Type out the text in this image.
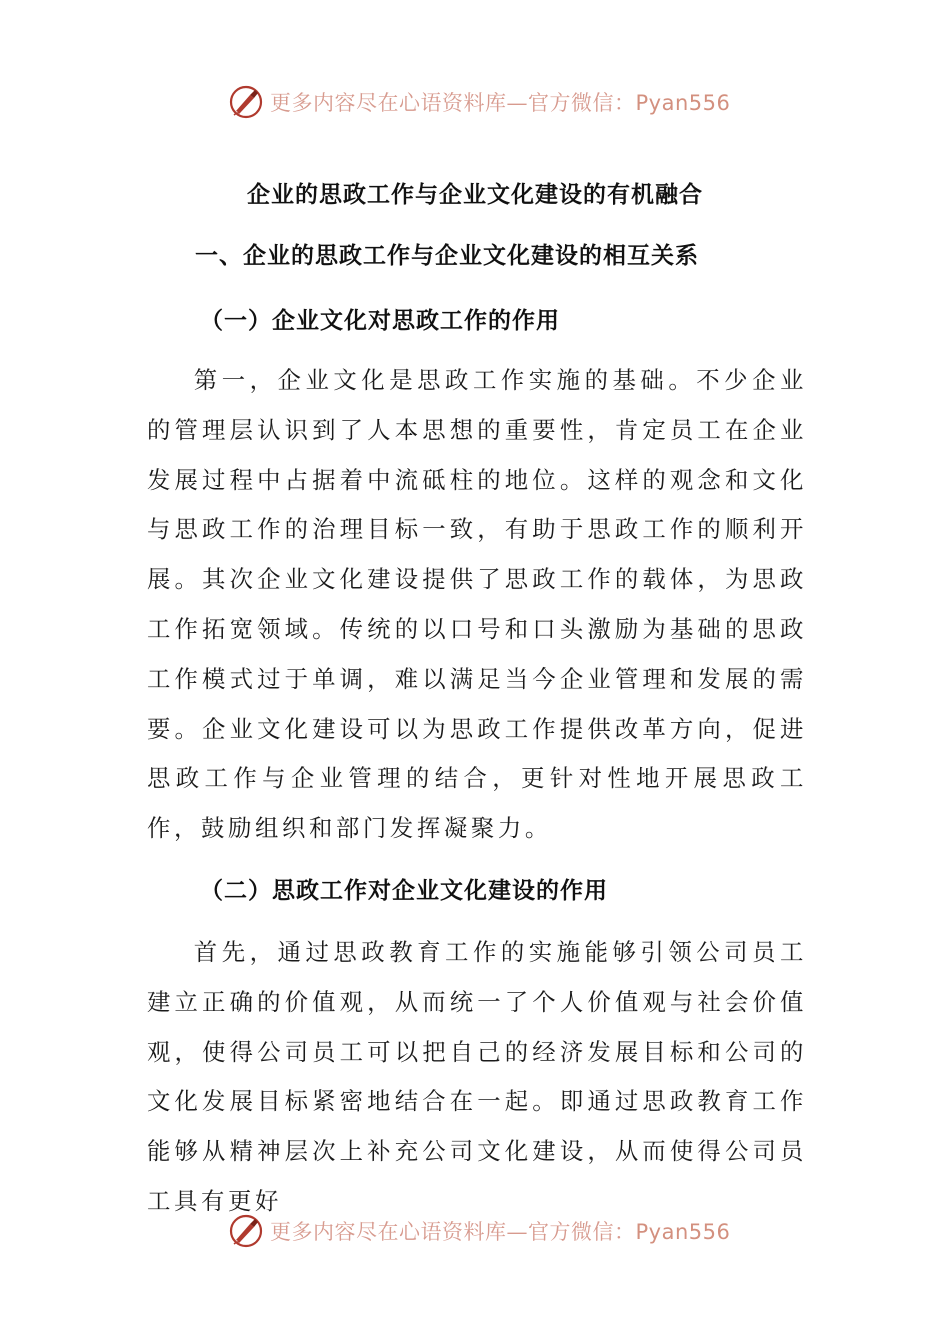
更多内容尽在心语资料库—官方微信：Pyan556
企业的思政工作与企业文化建设的有机融合
一、企业的思政工作与企业文化建设的相互关系
（一）企业文化对思政工作的作用

第一，企业文化是思政工作实施的基础。不少企业的管理层认识到了人本思想的重要性，肯定员工在企业发展过程中占据着中流砥柱的地位。这样的观念和文化与思政工作的治理目标一致，有助于思政工作的顺利开展。其次企业文化建设提供了思政工作的载体，为思政工作拓宽领域。传统的以口号和口头激励为基础的思政工作模式过于单调，难以满足当今企业管理和发展的需要。企业文化建设可以为思政工作提供改革方向，促进思政工作与企业管理的结合，更针对性地开展思政工作，鼓励组织和部门发挥凝聚力。

（二）思政工作对企业文化建设的作用

首先，通过思政教育工作的实施能够引领公司员工建立正确的价值观，从而统一了个人价值观与社会价值观，使得公司员工可以把自己的经济发展目标和公司的文化发展目标紧密地结合在一起。即通过思政教育工作能够从精神层次上补充公司文化建设，从而使得公司员工具有更好

更多内容尽在心语资料库—官方微信：Pyan556
